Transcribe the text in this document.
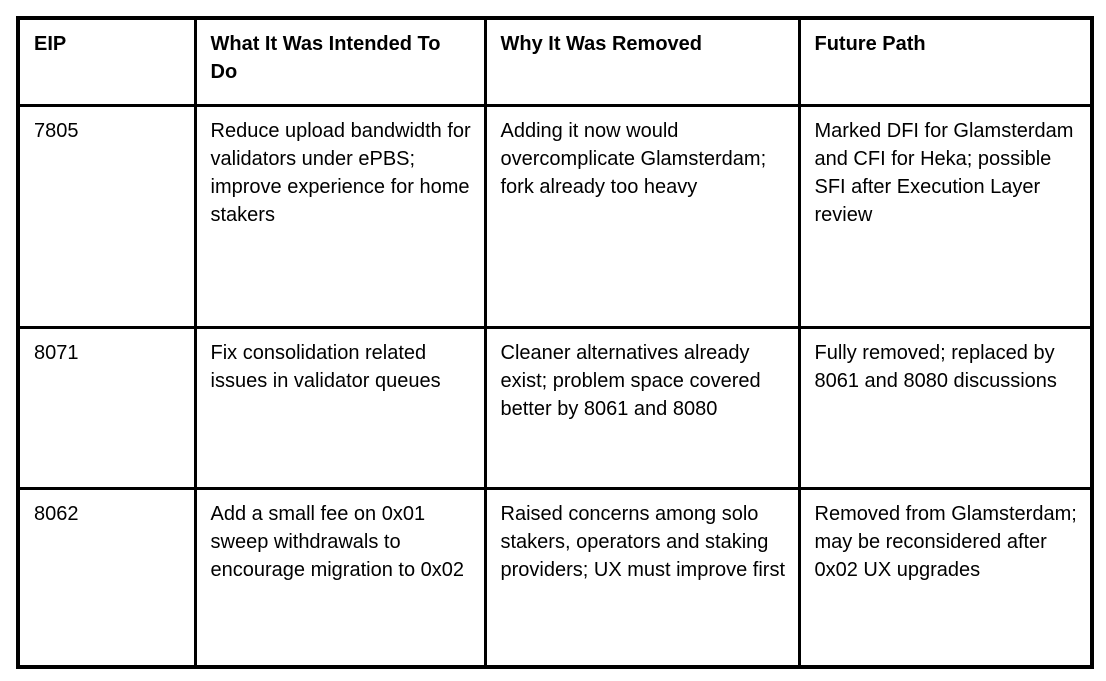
EIP	What It Was Intended To Do	Why It Was Removed	Future Path
7805	Reduce upload bandwidth for validators under ePBS; improve experience for home stakers	Adding it now would overcomplicate Glamsterdam; fork already too heavy	Marked DFI for Glamsterdam and CFI for Heka; possible SFI after Execution Layer review
8071	Fix consolidation related issues in validator queues	Cleaner alternatives already exist; problem space covered better by 8061 and 8080	Fully removed; replaced by 8061 and 8080 discussions
8062	Add a small fee on 0x01 sweep withdrawals to encourage migration to 0x02	Raised concerns among solo stakers, operators and staking providers; UX must improve first	Removed from Glamsterdam; may be reconsidered after 0x02 UX upgrades
